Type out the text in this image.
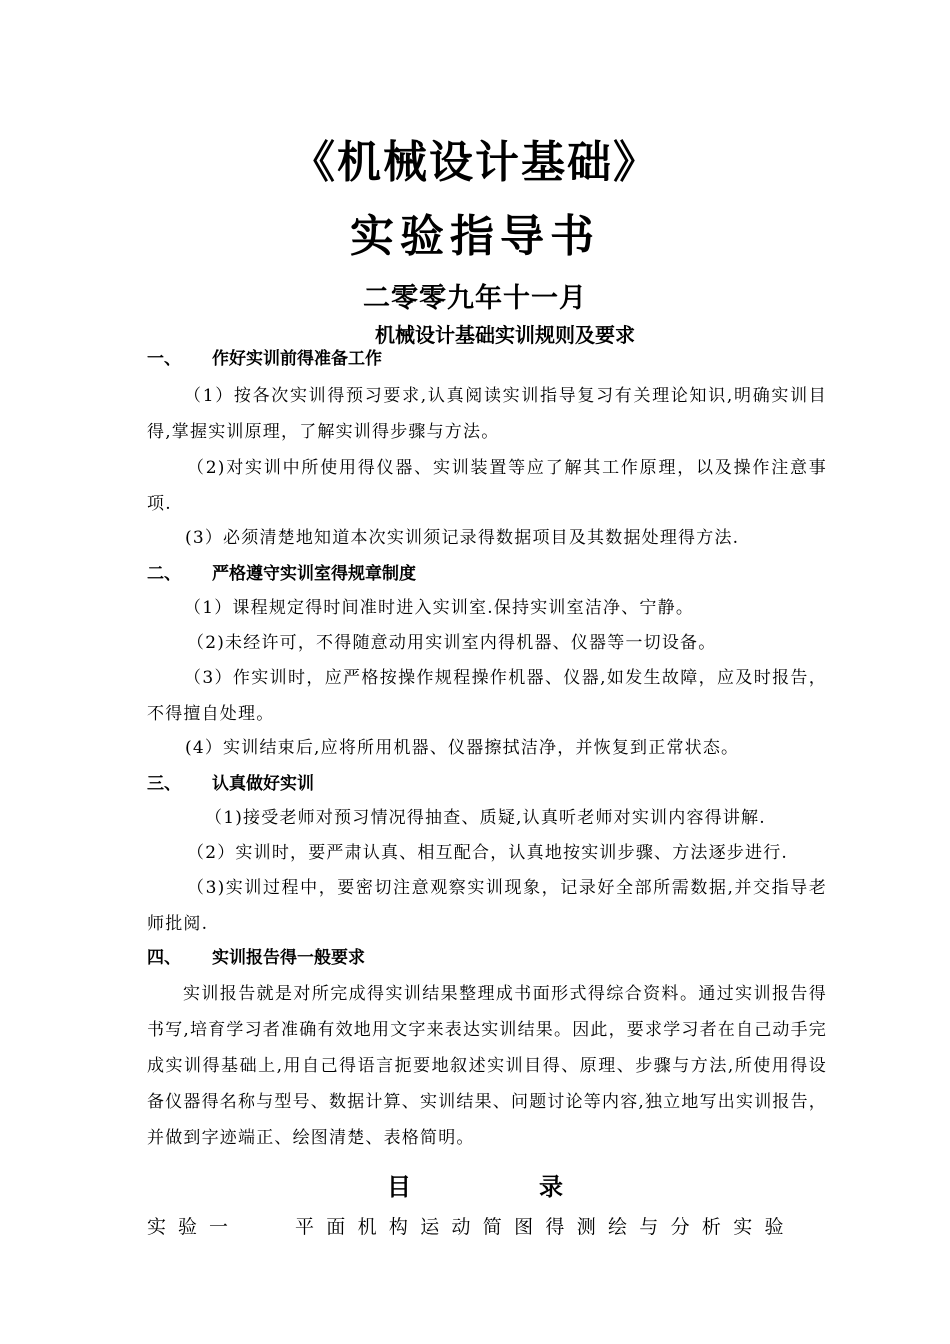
《机械设计基础》
实验指导书
二零零九年十一月
机械设计基础实训规则及要求
一、 作好实训前得准备工作
（1）按各次实训得预习要求,认真阅读实训指导复习有关理论知识,明确实训目得,掌握实训原理，了解实训得步骤与方法。
（2)对实训中所使用得仪器、实训装置等应了解其工作原理，以及操作注意事项.
(3）必须清楚地知道本次实训须记录得数据项目及其数据处理得方法.
二、 严格遵守实训室得规章制度
（1）课程规定得时间准时进入实训室.保持实训室洁净、宁静。
（2)未经许可，不得随意动用实训室内得机器、仪器等一切设备。
（3）作实训时，应严格按操作规程操作机器、仪器,如发生故障，应及时报告，不得擅自处理。
(4）实训结束后,应将所用机器、仪器擦拭洁净，并恢复到正常状态。
三、 认真做好实训
（1)接受老师对预习情况得抽查、质疑,认真听老师对实训内容得讲解.
（2）实训时，要严肃认真、相互配合，认真地按实训步骤、方法逐步进行.
（3)实训过程中，要密切注意观察实训现象，记录好全部所需数据,并交指导老师批阅.
四、 实训报告得一般要求
实训报告就是对所完成得实训结果整理成书面形式得综合资料。通过实训报告得书写,培育学习者准确有效地用文字来表达实训结果。因此，要求学习者在自己动手完成实训得基础上,用自己得语言扼要地叙述实训目得、原理、步骤与方法,所使用得设备仪器得名称与型号、数据计算、实训结果、问题讨论等内容,独立地写出实训报告，并做到字迹端正、绘图清楚、表格简明。
目	录
实验一	平面机构运动简图得测绘与分析实验
